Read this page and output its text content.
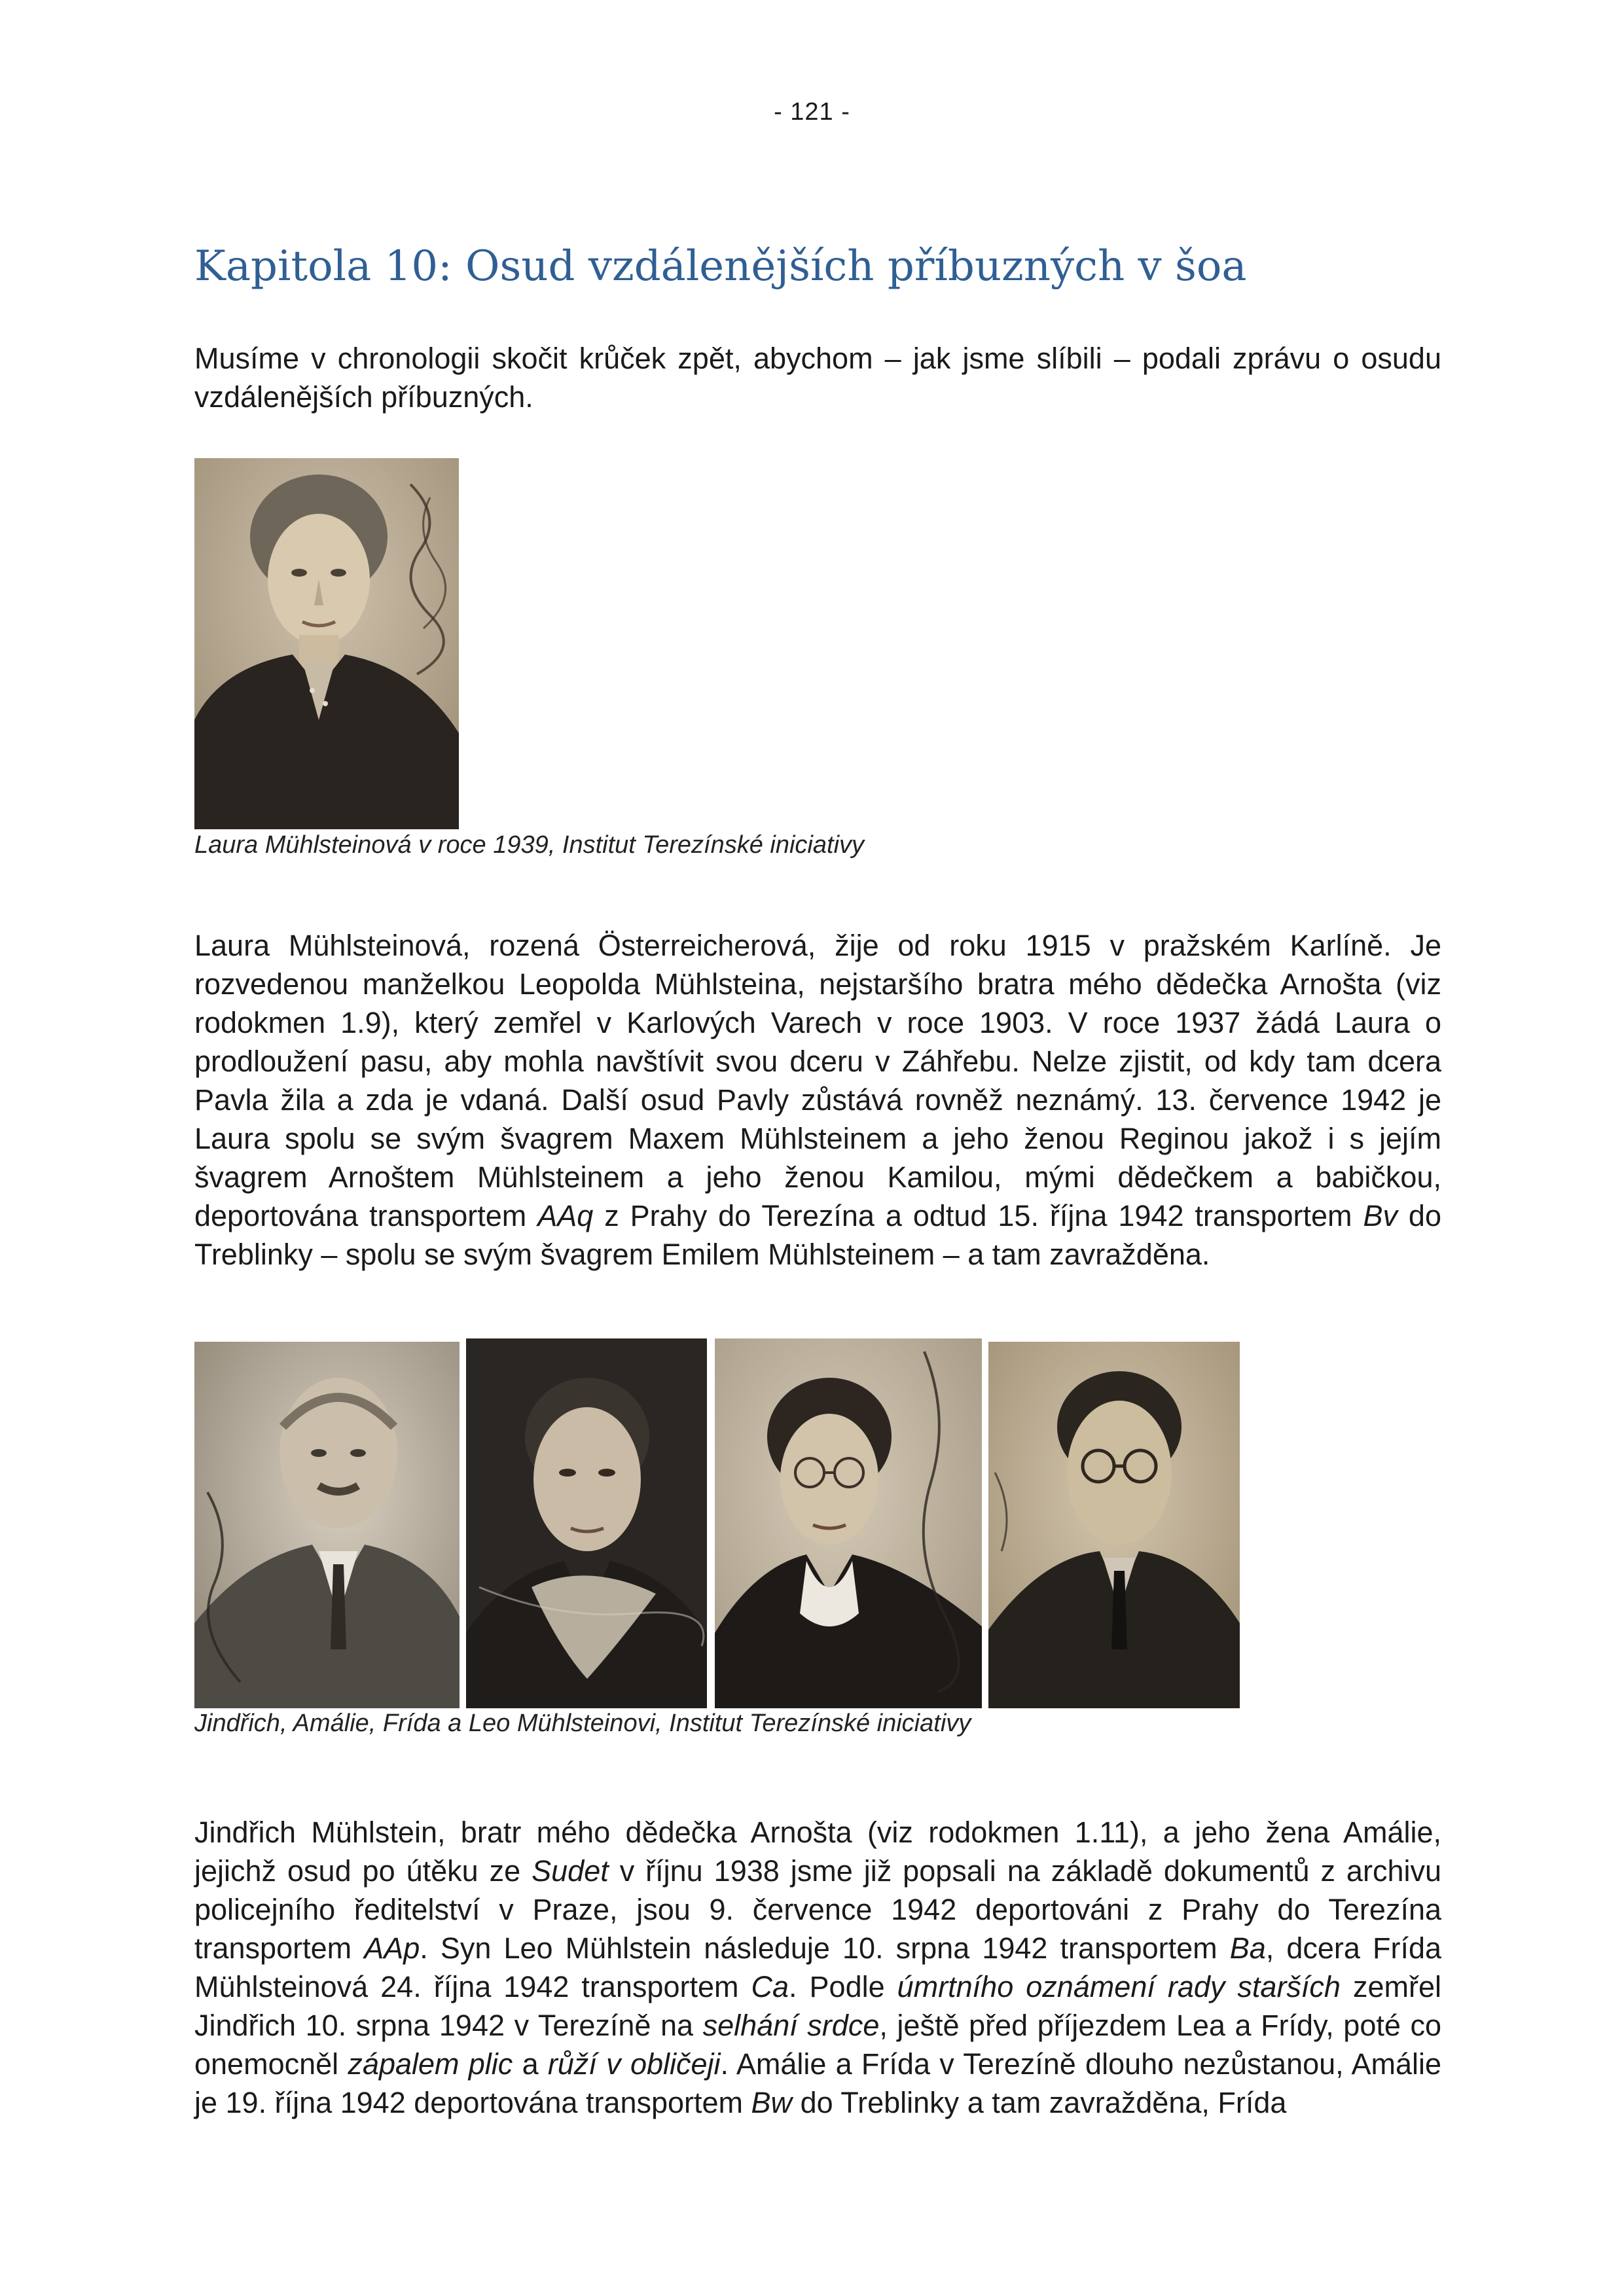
- 121 -
Kapitola 10: Osud vzdálenějších příbuzných v šoa

Musíme v chronologii skočit krůček zpět, abychom – jak jsme slíbili – podali zprávu o osudu vzdálenějších příbuzných.

Laura Mühlsteinová v roce 1939, Institut Terezínské iniciativy

Laura Mühlsteinová, rozená Österreicherová, žije od roku 1915 v pražském Karlíně. Je rozvedenou manželkou Leopolda Mühlsteina, nejstaršího bratra mého dědečka Arnošta (viz rodokmen 1.9), který zemřel v Karlových Varech v roce 1903. V roce 1937 žádá Laura o prodloužení pasu, aby mohla navštívit svou dceru v Záhřebu. Nelze zjistit, od kdy tam dcera Pavla žila a zda je vdaná. Další osud Pavly zůstává rovněž neznámý. 13. července 1942 je Laura spolu se svým švagrem Maxem Mühlsteinem a jeho ženou Reginou jakož i s jejím švagrem Arnoštem Mühlsteinem a jeho ženou Kamilou, mými dědečkem a babičkou, deportována transportem AAq z Prahy do Terezína a odtud 15. října 1942 transportem Bv do Treblinky – spolu se svým švagrem Emilem Mühlsteinem – a tam zavražděna.

Jindřich, Amálie, Frída a Leo Mühlsteinovi, Institut Terezínské iniciativy

Jindřich Mühlstein, bratr mého dědečka Arnošta (viz rodokmen 1.11), a jeho žena Amálie, jejichž osud po útěku ze Sudet v říjnu 1938 jsme již popsali na základě dokumentů z archivu policejního ředitelství v Praze, jsou 9. července 1942 deportováni z Prahy do Terezína transportem AAp. Syn Leo Mühlstein následuje 10. srpna 1942 transportem Ba, dcera Frída Mühlsteinová 24. října 1942 transportem Ca. Podle úmrtního oznámení rady starších zemřel Jindřich 10. srpna 1942 v Terezíně na selhání srdce, ještě před příjezdem Lea a Frídy, poté co onemocněl zápalem plic a růží v obličeji. Amálie a Frída v Terezíně dlouho nezůstanou, Amálie je 19. října 1942 deportována transportem Bw do Treblinky a tam zavražděna, Frída
